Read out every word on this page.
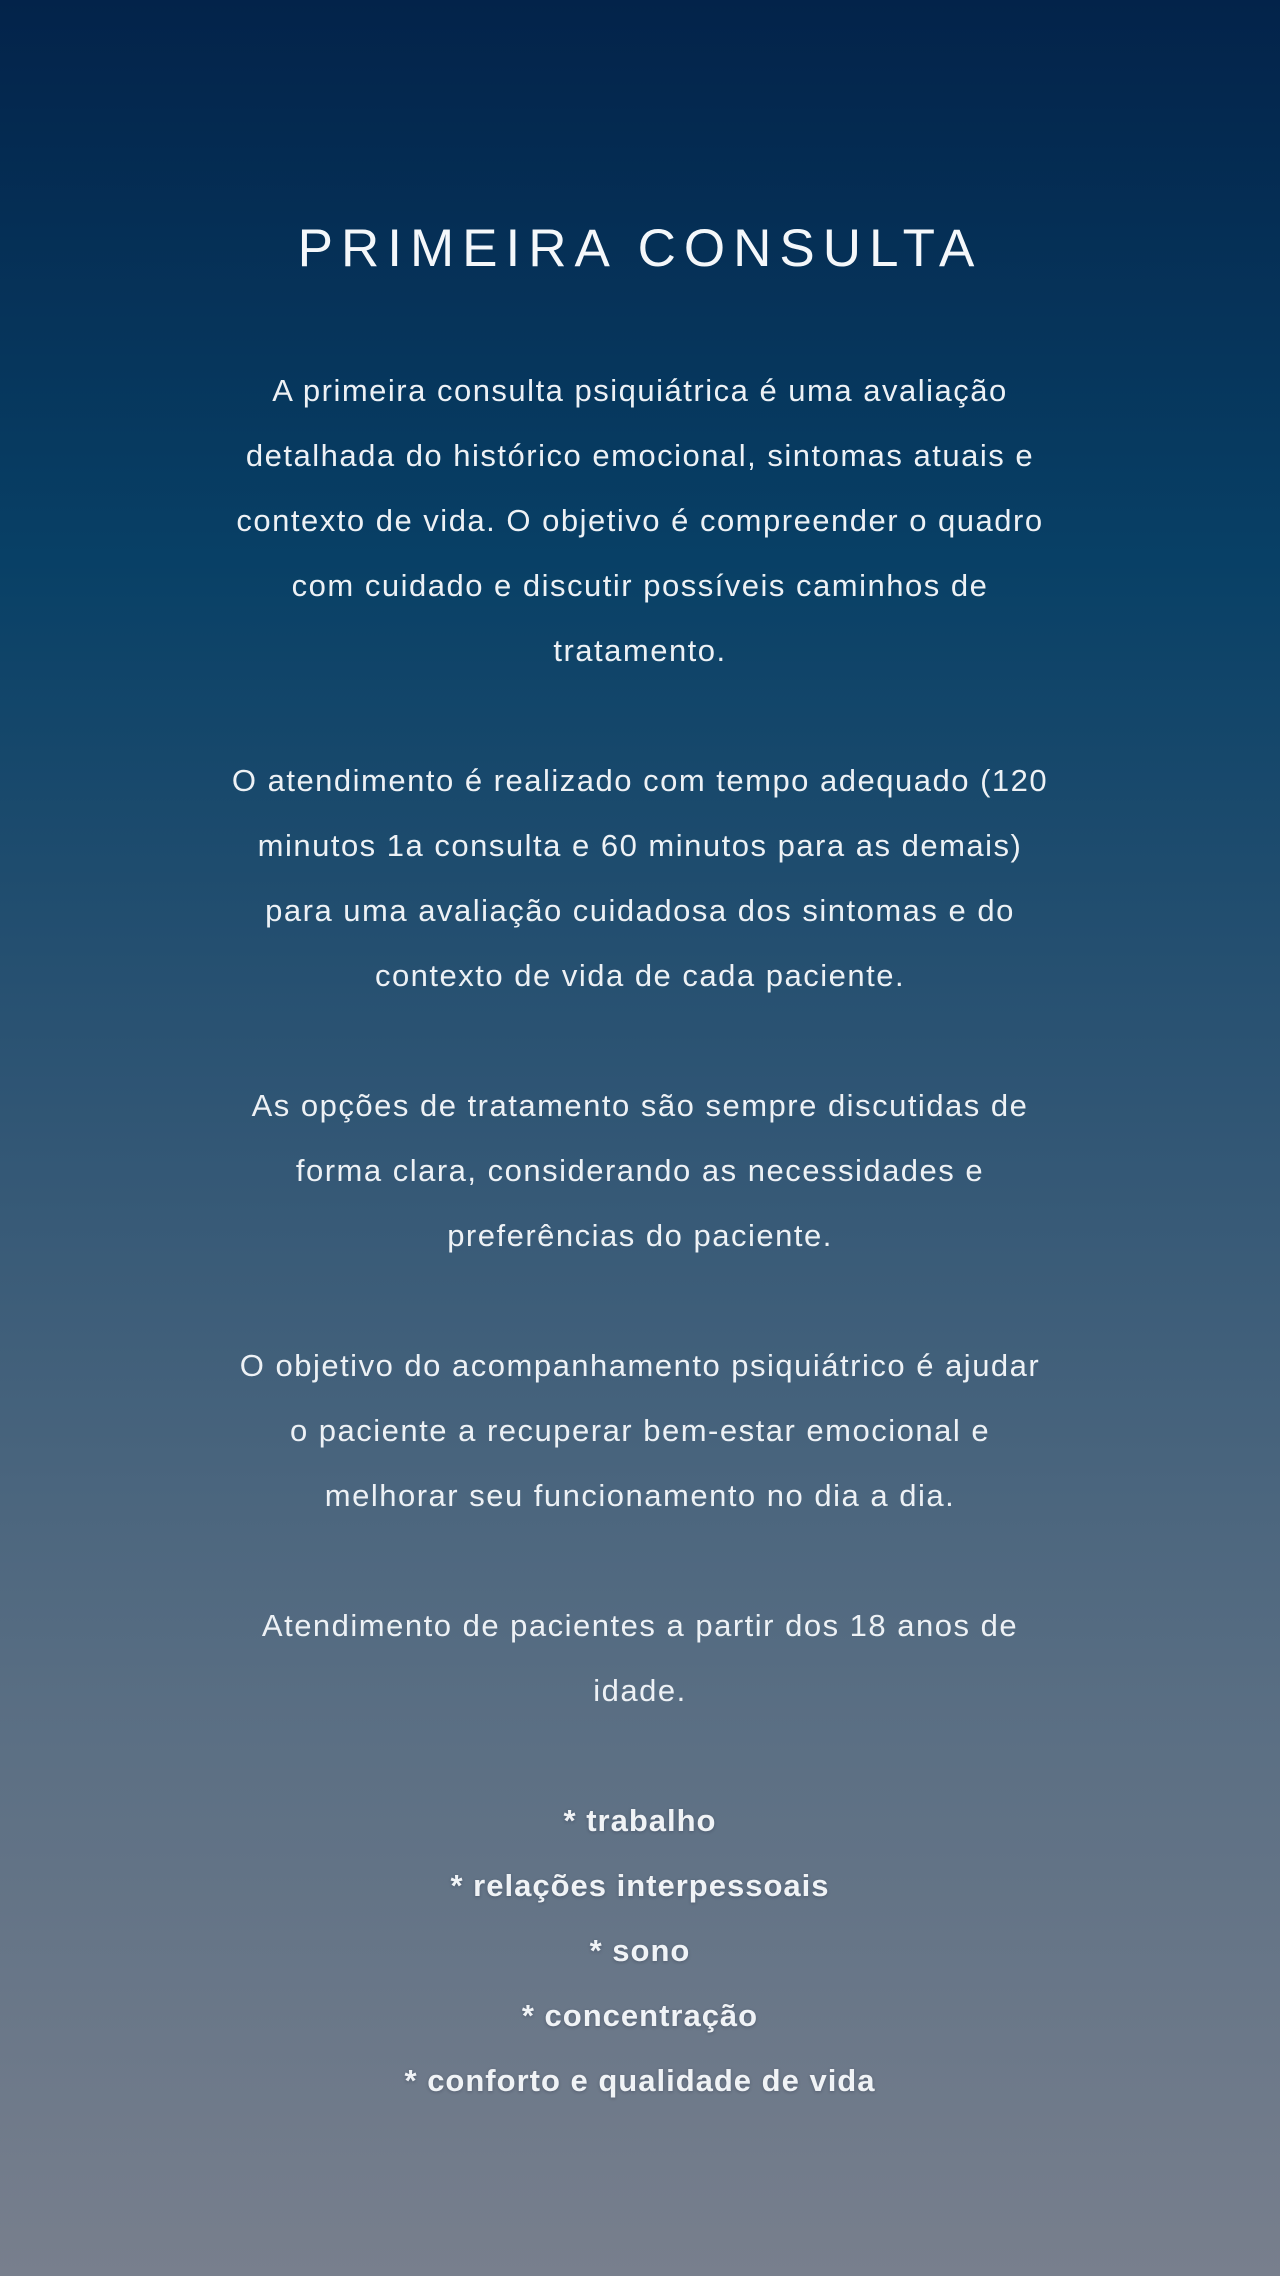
PRIMEIRA CONSULTA
A primeira consulta psiquiátrica é uma avaliação
detalhada do histórico emocional, sintomas atuais e
contexto de vida. O objetivo é compreender o quadro
com cuidado e discutir possíveis caminhos de
tratamento.
O atendimento é realizado com tempo adequado (120
minutos 1a consulta e 60 minutos para as demais)
para uma avaliação cuidadosa dos sintomas e do
contexto de vida de cada paciente.
As opções de tratamento são sempre discutidas de
forma clara, considerando as necessidades e
preferências do paciente.
O objetivo do acompanhamento psiquiátrico é ajudar
o paciente a recuperar bem-estar emocional e
melhorar seu funcionamento no dia a dia.
Atendimento de pacientes a partir dos 18 anos de
idade.
* trabalho
* relações interpessoais
* sono
* concentração
* conforto e qualidade de vida
